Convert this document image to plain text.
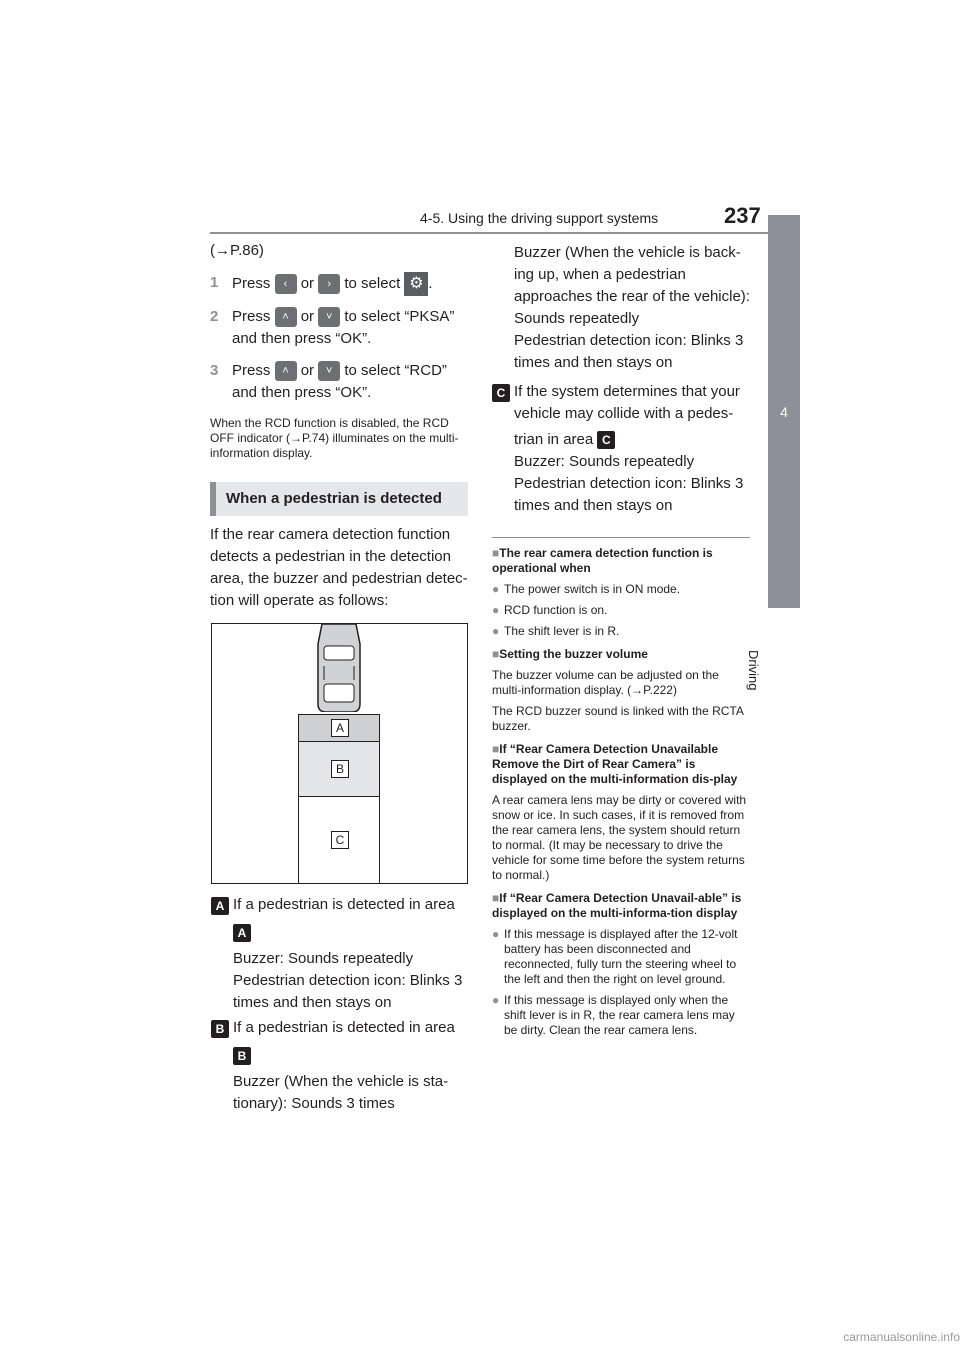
4-5. Using the driving support systems	237
4
Driving
(→P.86)
1 Press ‹ or › to select ⚙ .
2 Press ˄ or ˅ to select “PKSA”
and then press “OK”.
3 Press ˄ or ˅ to select “RCD”
and then press “OK”.
When the RCD function is disabled, the RCD OFF indicator (→P.74) illuminates on the multi-information display.
When a pedestrian is detected
If the rear camera detection function detects a pedestrian in the detection area, the buzzer and pedestrian detec-tion will operate as follows:
A
B
C
A If a pedestrian is detected in area
A
Buzzer: Sounds repeatedly
Pedestrian detection icon: Blinks 3 times and then stays on
B If a pedestrian is detected in area
B
Buzzer (When the vehicle is sta-tionary): Sounds 3 times
Buzzer (When the vehicle is back-ing up, when a pedestrian approaches the rear of the vehicle): Sounds repeatedly
Pedestrian detection icon: Blinks 3 times and then stays on
C If the system determines that your vehicle may collide with a pedes-
trian in area C
Buzzer: Sounds repeatedly
Pedestrian detection icon: Blinks 3 times and then stays on
■The rear camera detection function is operational when
● The power switch is in ON mode.
● RCD function is on.
● The shift lever is in R.
■Setting the buzzer volume
The buzzer volume can be adjusted on the multi-information display. (→P.222)
The RCD buzzer sound is linked with the RCTA buzzer.
■If “Rear Camera Detection Unavailable Remove the Dirt of Rear Camera” is displayed on the multi-information dis-play
A rear camera lens may be dirty or covered with snow or ice. In such cases, if it is removed from the rear camera lens, the system should return to normal. (It may be necessary to drive the vehicle for some time before the system returns to normal.)
■If “Rear Camera Detection Unavail-able” is displayed on the multi-informa-tion display
● If this message is displayed after the 12-volt battery has been disconnected and reconnected, fully turn the steering wheel to the left and then the right on level ground.
● If this message is displayed only when the shift lever is in R, the rear camera lens may be dirty. Clean the rear camera lens.
carmanualsonline.info
